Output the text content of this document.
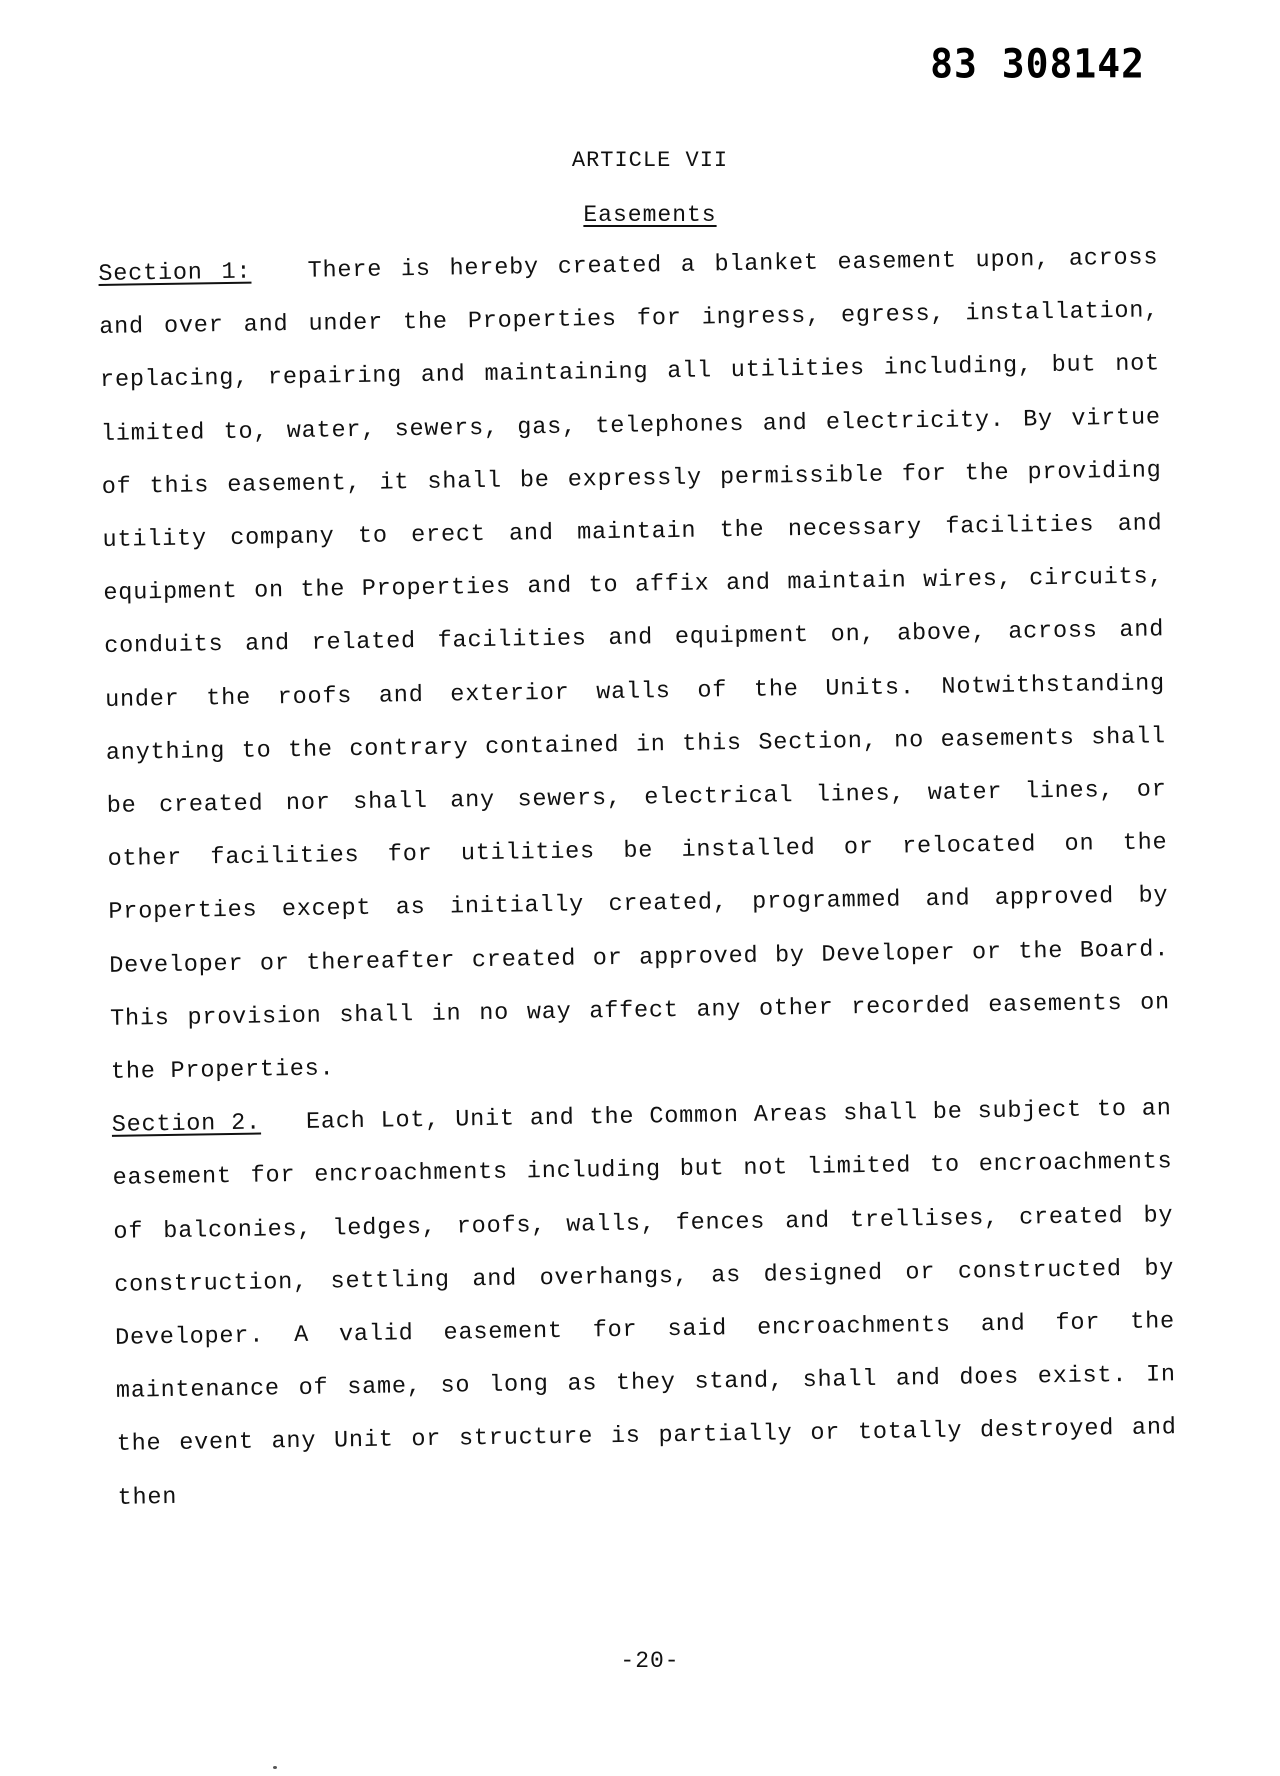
83 308142
ARTICLE VII
Easements

Section 1: There is hereby created a blanket easement upon, across and over and under the Properties for ingress, egress, installation, replacing, repairing and maintaining all utilities including, but not limited to, water, sewers, gas, telephones and electricity. By virtue of this easement, it shall be expressly permissible for the providing utility company to erect and maintain the necessary facilities and equipment on the Properties and to affix and maintain wires, circuits, conduits and related facilities and equipment on, above, across and under the roofs and exterior walls of the Units. Notwithstanding anything to the contrary contained in this Section, no easements shall be created nor shall any sewers, electrical lines, water lines, or other facilities for utilities be installed or relocated on the Properties except as initially created, programmed and approved by Developer or thereafter created or approved by Developer or the Board. This provision shall in no way affect any other recorded easements on the Properties.

Section 2. Each Lot, Unit and the Common Areas shall be subject to an easement for encroachments including but not limited to encroachments of balconies, ledges, roofs, walls, fences and trellises, created by construction, settling and overhangs, as designed or constructed by Developer. A valid easement for said encroachments and for the maintenance of same, so long as they stand, shall and does exist. In the event any Unit or structure is partially or totally destroyed and then

-20-
